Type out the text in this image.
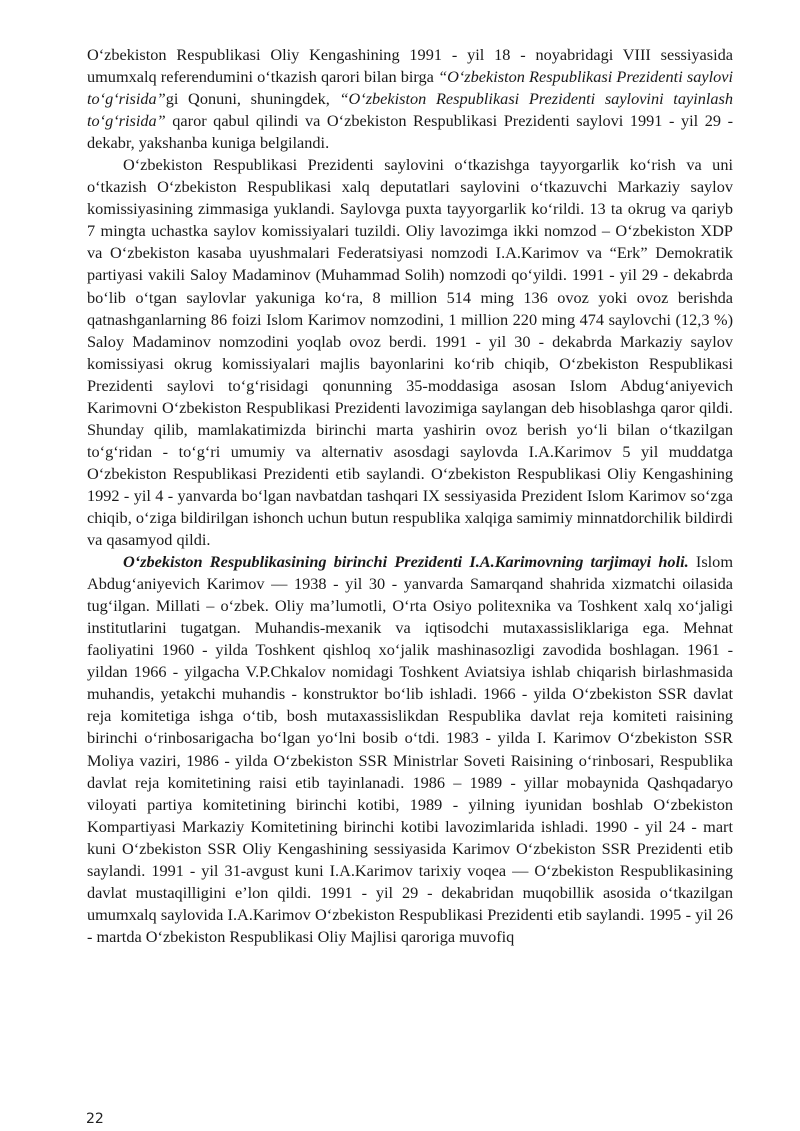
Oʻzbekiston Respublikasi Oliy Kengashining 1991 - yil 18 - noyabridagi VIII sessiyasida umumxalq referendumini oʻtkazish qarori bilan birga “Oʻzbekiston Respublikasi Prezidenti saylovi toʻgʻrisida”gi Qonuni, shuningdek, “Oʻzbekiston Respublikasi Prezidenti saylovini tayinlash toʻgʻrisida” qaror qabul qilindi va Oʻzbekiston Respublikasi Prezidenti saylovi 1991 - yil 29 - dekabr, yakshanba kuniga belgilandi.

Oʻzbekiston Respublikasi Prezidenti saylovini oʻtkazishga tayyorgarlik koʻrish va uni oʻtkazish Oʻzbekiston Respublikasi xalq deputatlari saylovini oʻtkazuvchi Markaziy saylov komissiyasining zimmasiga yuklandi. Saylovga puxta tayyorgarlik koʻrildi. 13 ta okrug va qariyb 7 mingta uchastka saylov komissiyalari tuzildi. Oliy lavozimga ikki nomzod – Oʻzbekiston XDP va Oʻzbekiston kasaba uyushmalari Federatsiyasi nomzodi I.A.Karimov va “Erk” Demokratik partiyasi vakili Saloy Madaminov (Muhammad Solih) nomzodi qoʻyildi. 1991 - yil 29 - dekabrda boʻlib oʻtgan saylovlar yakuniga koʻra, 8 million 514 ming 136 ovoz yoki ovoz berishda qatnashganlarning 86 foizi Islom Karimov nomzodini, 1 million 220 ming 474 saylovchi (12,3 %) Saloy Madaminov nomzodini yoqlab ovoz berdi. 1991 - yil 30 - dekabrda Markaziy saylov komissiyasi okrug komissiyalari majlis bayonlarini koʻrib chiqib, Oʻzbekiston Respublikasi Prezidenti saylovi toʻgʻrisidagi qonunning 35-moddasiga asosan Islom Abdugʻaniyevich Karimovni Oʻzbekiston Respublikasi Prezidenti lavozimiga saylangan deb hisoblashga qaror qildi. Shunday qilib, mamlakatimizda birinchi marta yashirin ovoz berish yoʻli bilan oʻtkazilgan toʻgʻridan - toʻgʻri umumiy va alternativ asosdagi saylovda I.A.Karimov 5 yil muddatga Oʻzbekiston Respublikasi Prezidenti etib saylandi. Oʻzbekiston Respublikasi Oliy Kengashining 1992 - yil 4 - yanvarda boʻlgan navbatdan tashqari IX sessiyasida Prezident Islom Karimov soʻzga chiqib, oʻziga bildirilgan ishonch uchun butun respublika xalqiga samimiy minnatdorchilik bildirdi va qasamyod qildi.

Oʻzbekiston Respublikasining birinchi Prezidenti I.A.Karimovning tarjimayi holi. Islom Abdugʻaniyevich Karimov — 1938 - yil 30 - yanvarda Samarqand shahrida xizmatchi oilasida tugʻilgan. Millati – oʻzbek. Oliy maʼlumotli, Oʻrta Osiyo politexnika va Toshkent xalq xoʻjaligi institutlarini tugatgan. Muhandis-mexanik va iqtisodchi mutaxassisliklariga ega. Mehnat faoliyatini 1960 - yilda Toshkent qishloq xoʻjalik mashinasozligi zavodida boshlagan. 1961 - yildan 1966 - yilgacha V.P.Chkalov nomidagi Toshkent Aviatsiya ishlab chiqarish birlashmasida muhandis, yetakchi muhandis - konstruktor boʻlib ishladi. 1966 - yilda Oʻzbekiston SSR davlat reja komitetiga ishga oʻtib, bosh mutaxassislikdan Respublika davlat reja komiteti raisining birinchi oʻrinbosarigacha boʻlgan yoʻlni bosib oʻtdi. 1983 - yilda I. Karimov Oʻzbekiston SSR Moliya vaziri, 1986 - yilda Oʻzbekiston SSR Ministrlar Soveti Raisining oʻrinbosari, Respublika davlat reja komitetining raisi etib tayinlanadi. 1986 – 1989 - yillar mobaynida Qashqadaryo viloyati partiya komitetining birinchi kotibi, 1989 - yilning iyunidan boshlab Oʻzbekiston Kompartiyasi Markaziy Komitetining birinchi kotibi lavozimlarida ishladi. 1990 - yil 24 - mart kuni Oʻzbekiston SSR Oliy Kengashining sessiyasida Karimov Oʻzbekiston SSR Prezidenti etib saylandi. 1991 - yil 31-avgust kuni I.A.Karimov tarixiy voqea — Oʻzbekiston Respublikasining davlat mustaqilligini eʼlon qildi. 1991 - yil 29 - dekabridan muqobillik asosida oʻtkazilgan umumxalq saylovida I.A.Karimov Oʻzbekiston Respublikasi Prezidenti etib saylandi. 1995 - yil 26 - martda Oʻzbekiston Respublikasi Oliy Majlisi qaroriga muvofiq

22
